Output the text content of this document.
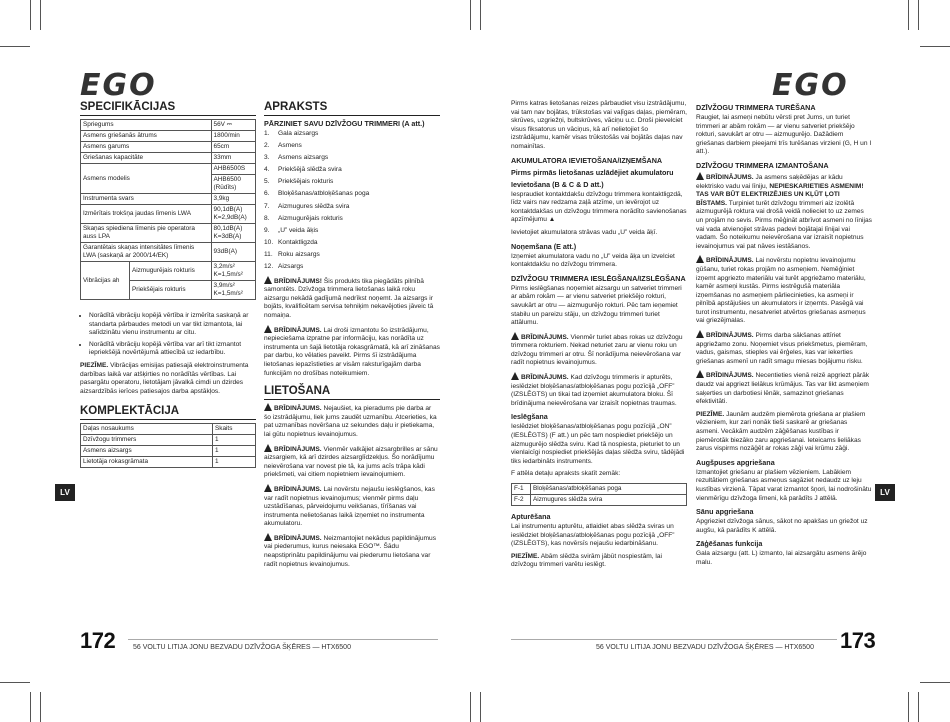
EGO	EGO
SPECIFIKĀCIJAS
Spriegums		56V ⎓
Asmens griešanās ātrums		1800/min
Asmens garums		65cm
Griešanas kapacitāte		33mm
Asmens modelis		AHB6500S
		AHB6500 (Rūdīts)
Instrumenta svars		3,9kg
Izmērītais trokšņa jaudas līmenis LWA		90,1dB(A)
K=2,9dB(A)
Skaņas spiediena līmenis pie operatora auss LPA		80,1dB(A)
K=3dB(A)
Garantētais skaņas intensitātes līmenis LWA (saskaņā ar 2000/14/EK)		93dB(A)
Vibrācijas ah	Aizmugurējais rokturis	3,2m/s²
K=1,5m/s²
	Priekšējais rokturis	3,9m/s²
K=1,5m/s²
• Norādītā vibrāciju kopējā vērtība ir izmērīta saskaņā ar standarta pārbaudes metodi un var tikt izmantota, lai salīdzinātu vienu instrumentu ar citu.
• Norādītā vibrāciju kopējā vērtība var arī tikt izmantot iepriekšējā novērtējumā attiecībā uz iedarbību.

PIEZĪME. Vibrācijas emisijas patiesajā elektroinstrumenta darbības laikā var atšķirties no norādītās vērtības. Lai pasargātu operatoru, lietotājam jāvalkā cimdi un dzirdes aizsardzībās ierīces patiesajos darba apstākļos.

KOMPLEKTĀCIJA
Daļas nosaukums	Skaits
Dzīvžogu trimmers	1
Asmens aizsargs	1
Lietotāja rokasgrāmata	1
APRAKSTS
PĀRZINIET SAVU DZĪVŽOGU TRIMMERI (A att.)
1.	Gala aizsargs
2.	Asmens
3.	Asmens aizsargs
4.	Priekšējā slēdža svira
5.	Priekšējais rokturis
6.	Bloķēšanas/atbloķēšanas poga
7.	Aizmugures slēdža svira
8.	Aizmugurējais rokturis
9.	„U” veida āķis
10. Kontaktligzda
11. Roku aizsargs
12. Aizsargs

BRĪDINĀJUMS! Šis produkts tika piegādāts pilnībā samontēts. Dzīvžoga trimmera lietošanas laikā roku aizsargu nekādā gadījumā nedrīkst noņemt. Ja aizsargs ir bojāts, kvalificētam servisa tehniķim nekavējoties jāveic tā nomaiņa.

BRĪDINĀJUMS. Lai droši izmantotu šo izstrādājumu, nepieciešama izpratne par informāciju, kas norādīta uz instrumenta un šajā lietotāja rokasgrāmatā, kā arī zināšanas par darbu, ko vēlaties paveikt. Pirms šī izstrādājuma lietošanas iepazīstieties ar visām raksturīgajām darba funkcijām no drošības noteikumiem.

LIETOŠANA

BRĪDINĀJUMS. Nejaušiet, ka pieradums pie darba ar šo izstrādājumu, liek jums zaudēt uzmanību. Atcerieties, ka pat uzmanības novēršana uz sekundes daļu ir pietiekama, lai gūtu nopietnus ievainojumus.

BRĪDINĀJUMS. Vienmēr valkājiet aizsargbrilles ar sānu aizsargiem, kā arī dzirdes aizsarglīdzekļus. Šo norādījumu neievērošana var novest pie tā, ka jums acīs trāpa kādi priekšmeti, vai citiem nopietniem ievainojumiem.

BRĪDINĀJUMS. Lai novērstu nejaušu ieslēgšanos, kas var radīt nopietnus ievainojumus; vienmēr pirms daļu uzstādīšanas, pārveidojumu veikšanas, tīrīšanas vai instrumenta nelietošanas laikā izņemiet no instrumenta akumulatoru.

BRĪDINĀJUMS. Neizmantojiet nekādus papildinājumus vai piederumus, kurus neiesaka EGO™. Šādu neapstiprinātu papildinājumu vai piederumu lietošana var radīt nopietnus ievainojumus.

Pirms katras lietošanas reizes pārbaudiet visu izstrādājumu, vai tam nav bojātas, trūkstošas vai vaļīgas daļas, piemēram, skrūves, uzgriežņi, bultskrūves, vāciņu u.c. Droši pievelciet visus fiksatorus un vāciņus, kā arī nelietojiet šo izstrādājumu, kamēr visas trūkstošās vai bojātās daļas nav nomainītas.

AKUMULATORA IEVIETOŠANA/IZŅEMŠANA
Pirms pirmās lietošanas uzlādējiet akumulatoru
Ievietošana (B & C & D att.)

Iespraudiet kontaktdakšu dzīvžogu trimmera kontaktligzdā, līdz vairs nav redzama zaļā atzīme, un ievērojot uz kontaktdakšas un dzīvžogu trimmera norādīto savienošanas apzīmējumu ▲

Ievietojiet akumulatora strāvas vadu „U” veida āķī.

Noņemšana (E att.)

Izņemiet akumulatora vadu no „U” veida āķa un izvelciet kontaktdakšu no dzīvžogu trimmera.

DZĪVŽOGU TRIMMERA IESLĒGŠANA/IZSLĒGŠANA

Pirms ieslēgšanas noņemiet aizsargu un satveriet trimmeri ar abām rokām — ar vienu satveriet priekšējo rokturi, savukārt ar otru — aizmugurējo rokturi. Pēc tam ieņemiet stabilu un pareizu stāju, un dzīvžogu trimmeri turiet attālumu.

BRĪDINĀJUMS. Vienmēr turiet abas rokas uz dzīvžogu trimmera rokturiem. Nekad neturiet zaru ar vienu roku un dzīvžogu trimmeri ar otru. Šī norādījuma neievērošana var radīt nopietnus ievainojumus.

BRĪDINĀJUMS. Kad dzīvžogu trimmeris ir apturēts, ieslēdziet bloķēšanas/atbloķēšanas pogu pozīcijā „OFF” (IZSLĒGTS) un tikai tad izņemiet akumulatora bloku. Šī brīdinājuma neievērošana var izraisīt nopietnas traumas.

Ieslēgšana

Ieslēdziet bloķēšanas/atbloķēšanas pogu pozīcijā „ON” (IESLĒGTS) (F att.) un pēc tam nospiediet priekšējo un aizmugurējo slēdža sviru. Kad tā nospiesta, pieturiet to un vienlaicīgi nospiediet priekšējās daļas slēdža sviru, tādējādi tiks iedarbināts instruments.

F attēla detaļu apraksts skatīt zemāk:

F-1	Bloķēšanas/atbloķēšanas poga
F-2	Aizmugures slēdža svira
Apturēšana

Lai instrumentu apturētu, atlaidiet abas slēdža sviras un ieslēdziet bloķēšanas/atbloķēšanas pogu pozīcijā „OFF” (IZSLĒGTS), kas novērsīs nejaušu iedarbināšanu.

PIEZĪME. Abām slēdža svirām jābūt nospiestām, lai dzīvžogu trimmeri varētu ieslēgt.

DZĪVŽOGU TRIMMERA TURĒŠANA

Raugiet, lai asmeņi nebūtu vērsti pret Jums, un turiet trimmeri ar abām rokām — ar vienu satveriet priekšējo rokturi, savukārt ar otru — aizmugurējo. Dažādiem griešanas darbiem pieejami trīs turēšanas virzieni (G, H un I att.).

DZĪVŽOGU TRIMMERA IZMANTOŠANA

BRĪDINĀJUMS. Ja asmens saķēdējas ar kādu elektrisko vadu vai līniju, NEPIESKARIETIES ASMENIM! TAS VAR BŪT ELEKTRIZĒJIES UN KĻŪT ĻOTI BĪSTAMS. Turpiniet turēt dzīvžogu trimmeri aiz izolētā aizmugurējā roktura vai drošā veidā nolieciet to uz zemes un projām no sevis. Pirms mēģināt atbrīvot asmeni no līnijas vai vada atvienojiet strāvas padevi bojātajai līnijai vai vadam. Šo noteikumu neievērošana var izraisīt nopietnus ievainojumus vai pat nāves iestāšanos.

BRĪDINĀJUMS. Lai novērstu nopietnu ievainojumu gūšanu, turiet rokas projām no asmeņiem. Nemēģiniet izņemt apgriezto materiālu vai turēt apgriežamo materiālu, kamēr asmeņi kustās. Pirms iestrēgušā materiāla izņemšanas no asmeņiem pārliecinieties, ka asmeņi ir pilnībā apstājušies un akumulators ir izņemts. Pasēgā vai turot instrumentu, nesatveriet atvērtos griešanas asmeņus vai griezējmalas.

BRĪDINĀJUMS. Pirms darba sākšanas attīriet apgriežamo zonu. Noņemiet visus priekšmetus, piemēram, vadus, gaismas, stieples vai ērģeles, kas var iekerties griešanas asmenī un radīt smagu miesas bojājumu risku.

BRĪDINĀJUMS. Necentieties vienā reizē apgriezt pārāk daudz vai apgriezt lielākus krūmājus. Tas var likt asmeņiem saķerties un darbotiesi lēnāk, samazinot griešanas efektivitāti.

PIEZĪME. Jaunām audzēm piemērota griešana ar plašiem vēzieniem, kur zari nonāk tieši saskarē ar griešanas asmeni. Vecākām audzēm zāģēšanas kustības ir piemērotāk biezāko zaru apgriešanai. Ieteicams lieliākas zarus vispirms nozāģēt ar rokas zāģi vai krūmu zāģi.

Augšpuses apgriešana

Izmantojiet griešanu ar plašiem vēzieniem. Labākiem rezultātiem griešanas asmeņus sagāziet nedaudz uz leju kustības virzienā. Tāpat varat izmantot šņori, lai nodrošinātu vienmērīgu dzīvžoga līmeni, kā parādīts J attēlā.

Sānu apgriešana

Apgrieziet dzīvžoga sānus, sākot no apakšas un griežot uz augšu, kā parādīts K attēlā.

Zāģēšanas funkcija

Gala aizsargu (att. L) izmanto, lai aizsargātu asmens ārējo malu.

LV	LV
172	56 VOLTU LITIJA JONU BEZVADU DZĪVŽOGA ŠĶĒRES — HTX6500	173
56 VOLTU LITIJA JONU BEZVADU DZĪVŽOGA ŠĶĒRES — HTX6500
